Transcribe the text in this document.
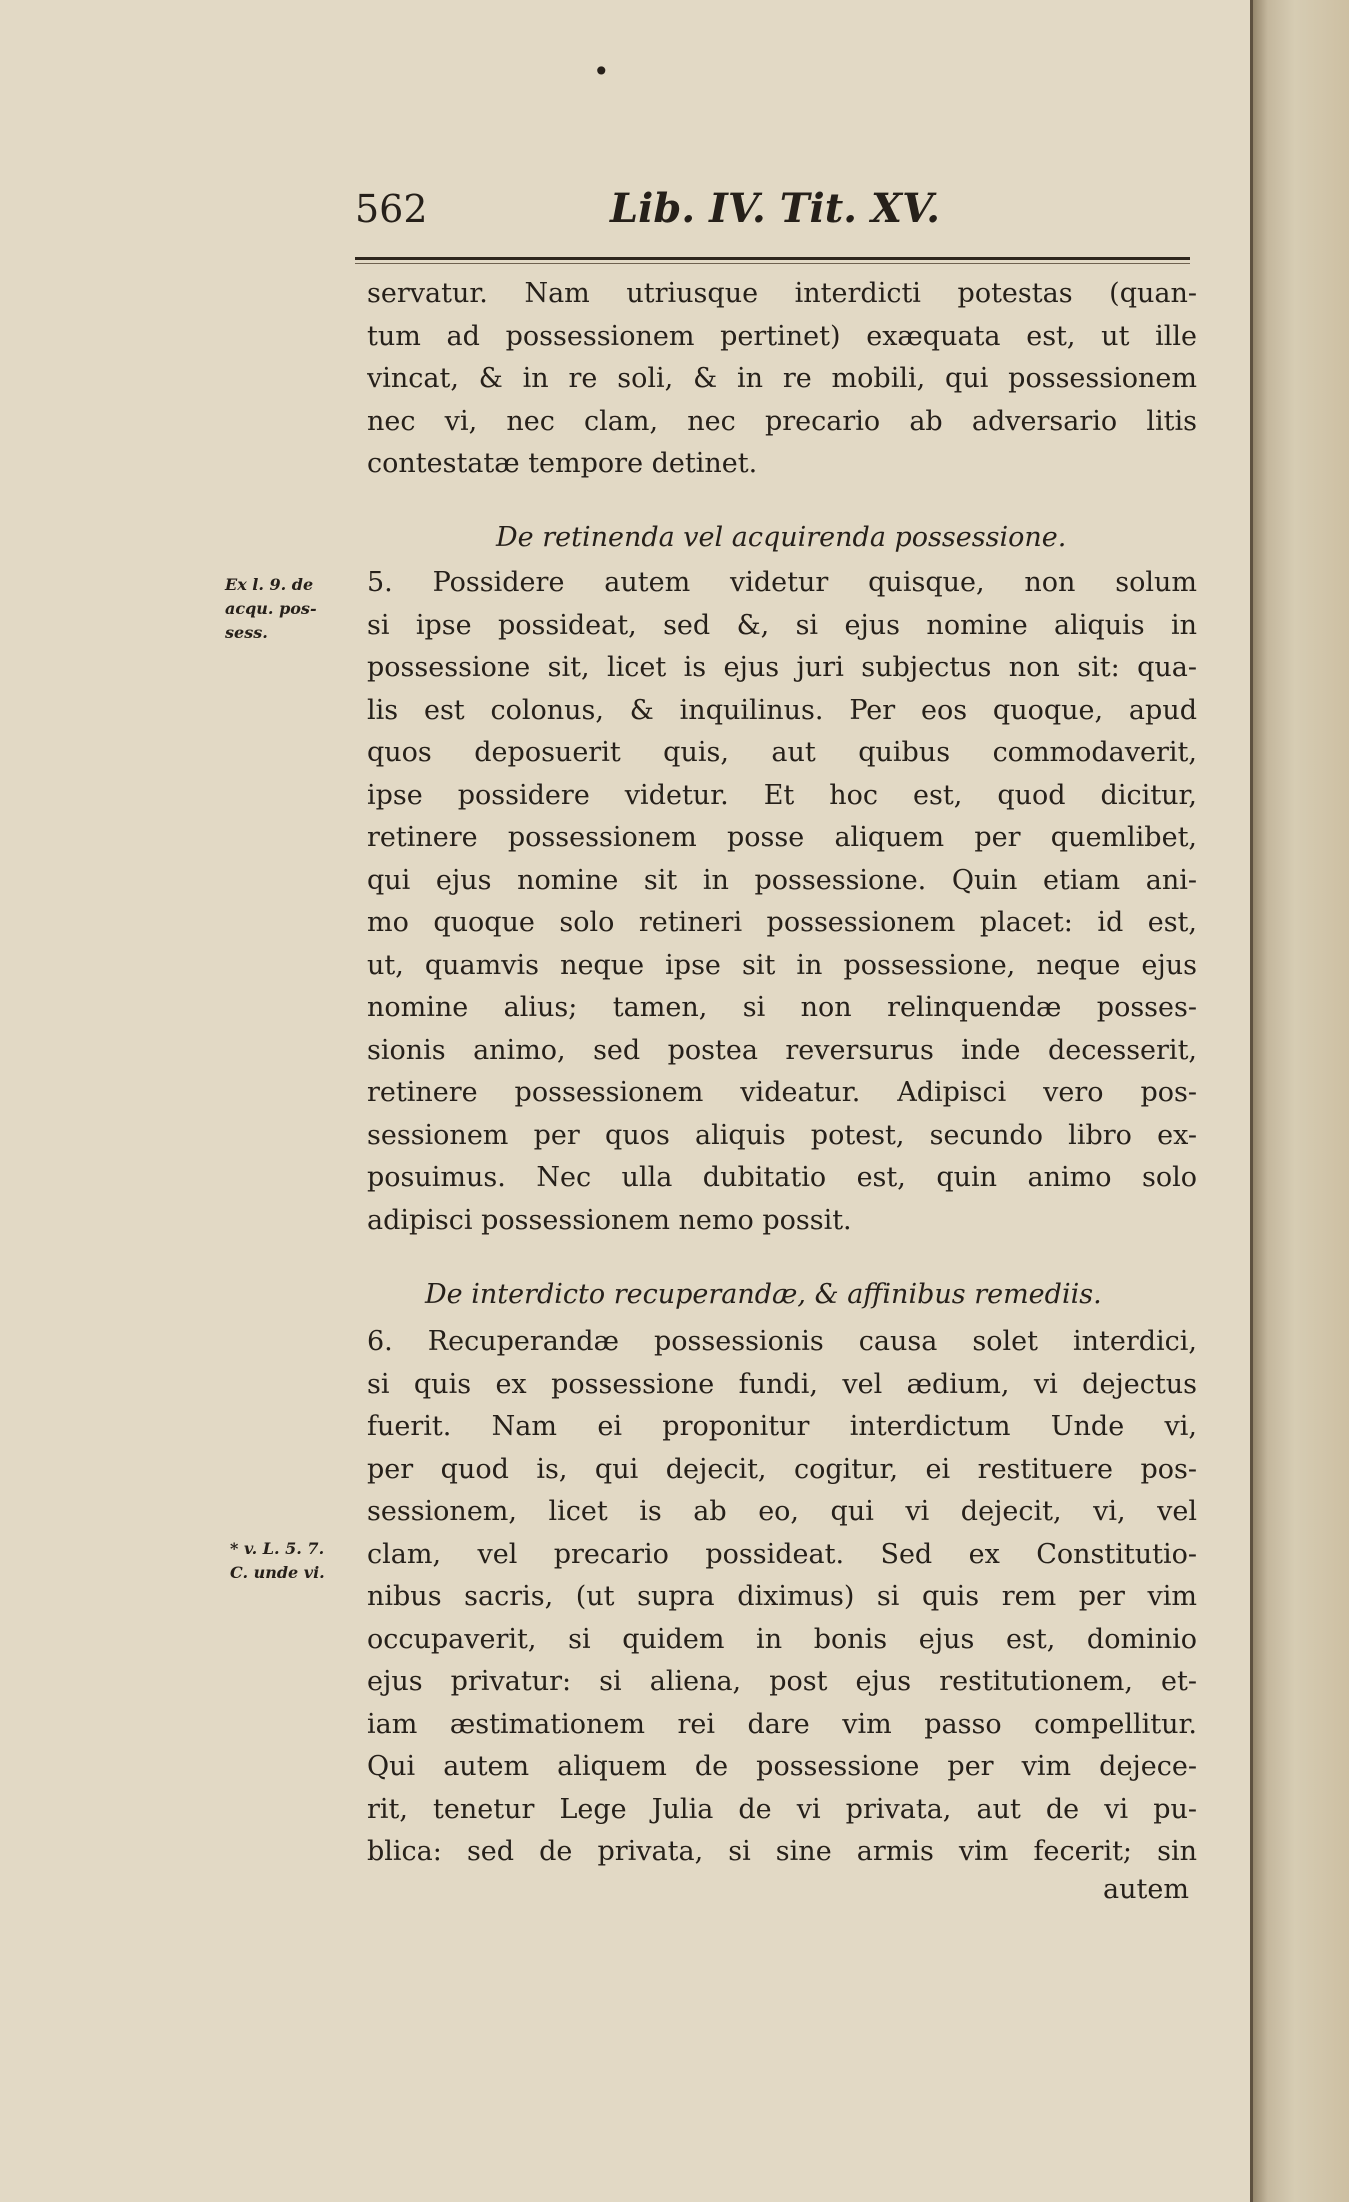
•
562	Lib. IV. Tit. XV.
servatur. Nam utriusque interdicti potestas (quan-
tum ad possessionem pertinet) exæquata est, ut ille
vincat, & in re soli, & in re mobili, qui possessionem
nec vi, nec clam, nec precario ab adversario litis
contestatæ tempore detinet.
De retinenda vel acquirenda possessione.
Ex l. 9. de
acqu. pos-
sess.
5. Possidere autem videtur quisque, non solum
si ipse possideat, sed &, si ejus nomine aliquis in
possessione sit, licet is ejus juri subjectus non sit: qua-
lis est colonus, & inquilinus. Per eos quoque, apud
quos deposuerit quis, aut quibus commodaverit,
ipse possidere videtur. Et hoc est, quod dicitur,
retinere possessionem posse aliquem per quemlibet,
qui ejus nomine sit in possessione. Quin etiam ani-
mo quoque solo retineri possessionem placet: id est,
ut, quamvis neque ipse sit in possessione, neque ejus
nomine alius; tamen, si non relinquendæ posses-
sionis animo, sed postea reversurus inde decesserit,
retinere possessionem videatur. Adipisci vero pos-
sessionem per quos aliquis potest, secundo libro ex-
posuimus. Nec ulla dubitatio est, quin animo solo
adipisci possessionem nemo possit.
De interdicto recuperandæ, & affinibus remediis.
* v. L. 5. 7.
C. unde vi.
6. Recuperandæ possessionis causa solet interdici,
si quis ex possessione fundi, vel ædium, vi dejectus
fuerit. Nam ei proponitur interdictum Unde vi,
per quod is, qui dejecit, cogitur, ei restituere pos-
sessionem, licet is ab eo, qui vi dejecit, vi, vel
clam, vel precario possideat. Sed ex Constitutio-
nibus sacris, (ut supra diximus) si quis rem per vim
occupaverit, si quidem in bonis ejus est, dominio
ejus privatur: si aliena, post ejus restitutionem, et-
iam æstimationem rei dare vim passo compellitur.
Qui autem aliquem de possessione per vim dejece-
rit, tenetur Lege Julia de vi privata, aut de vi pu-
blica: sed de privata, si sine armis vim fecerit; sin
autem
